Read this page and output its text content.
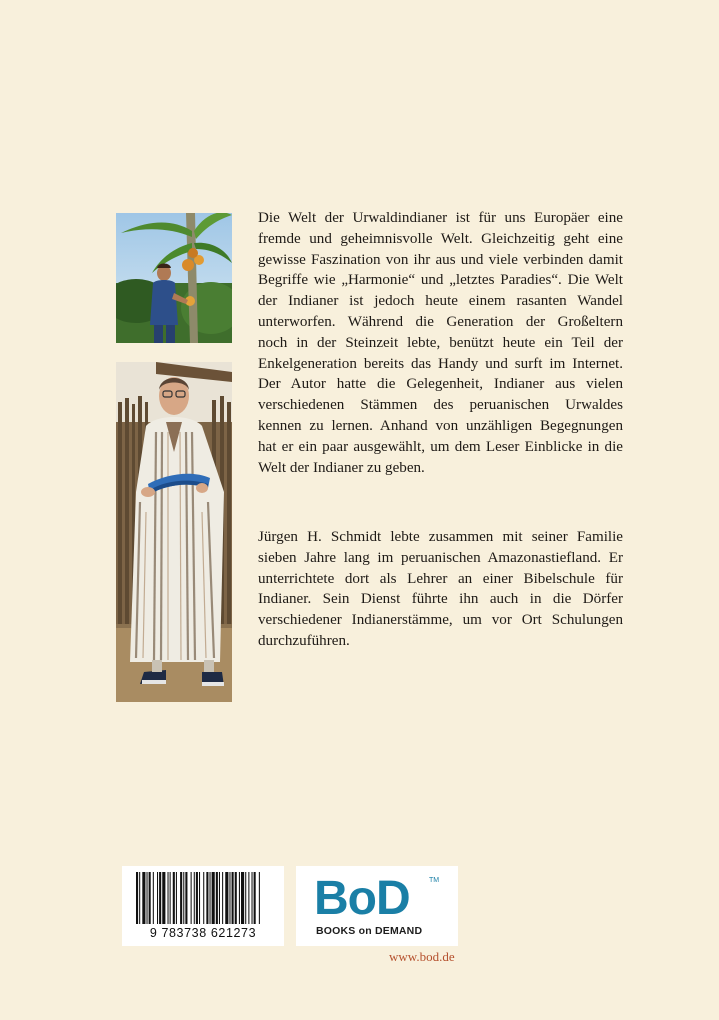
Die Welt der Urwaldindianer ist für uns Europäer eine
fremde und geheimnisvolle Welt. Gleichzeitig geht eine
gewisse Faszination von ihr aus und viele verbinden damit
Begriffe wie „Harmonie“ und „letztes Paradies“. Die Welt
der Indianer ist jedoch heute einem rasanten Wandel
unterworfen. Während die Generation der Großeltern
noch in der Steinzeit lebte, benützt heute ein Teil der
Enkelgeneration bereits das Handy und surft im Internet.
Der Autor hatte die Gelegenheit, Indianer aus vielen
verschiedenen Stämmen des peruanischen Urwaldes
kennen zu lernen. Anhand von unzähligen Begegnungen
hat er ein paar ausgewählt, um dem Leser Einblicke in die
Welt der Indianer zu geben.

Jürgen H. Schmidt lebte zusammen mit seiner Familie
sieben Jahre lang im peruanischen Amazonastiefland. Er
unterrichtete dort als Lehrer an einer Bibelschule für
Indianer. Sein Dienst führte ihn auch in die Dörfer
verschiedener Indianerstämme, um vor Ort Schulungen
durchzuführen.

9 783738 621273
BoD	TM
BOOKS on DEMAND
www.bod.de
